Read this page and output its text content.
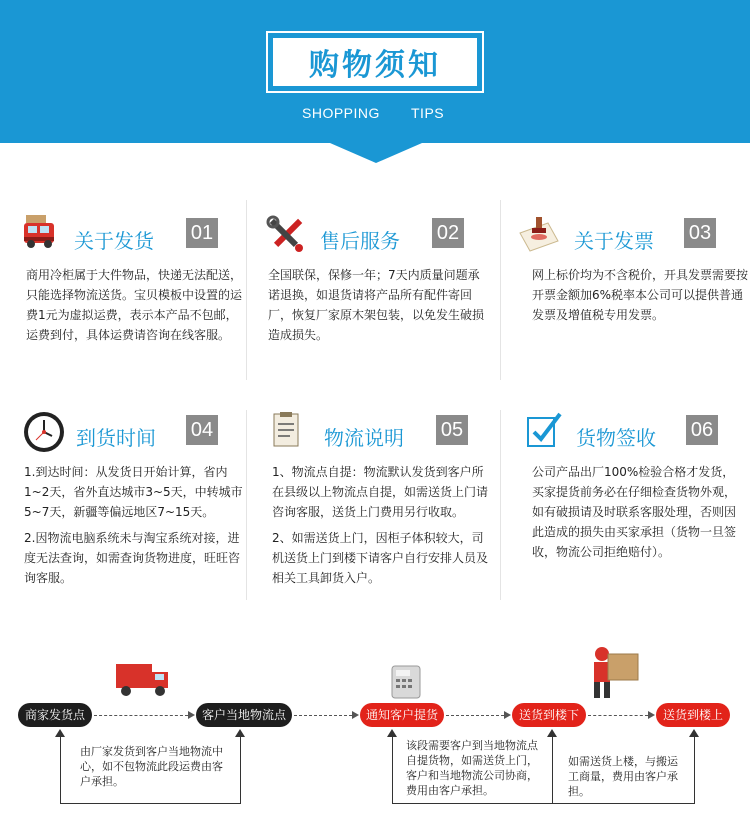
购物须知
SHOPPING TIPS
关于发货 01

商用冷柜属于大件物品，快递无法配送，只能选择物流送货。宝贝模板中设置的运费1元为虚拟运费，表示本产品不包邮，运费到付，具体运费请咨询在线客服。

售后服务 02

全国联保，保修一年；7天内质量问题承诺退换，如退货请将产品所有配件寄回厂，恢复厂家原木架包装，以免发生破损造成损失。

关于发票 03

网上标价均为不含税价，开具发票需要按开票金额加6%税率本公司可以提供普通发票及增值税专用发票。

到货时间 04

1.到达时间：从发货日开始计算，省内1~2天，省外直达城市3~5天，中转城市5~7天，新疆等偏远地区7~15天。

2.因物流电脑系统未与淘宝系统对接，进度无法查询，如需查询货物进度，旺旺咨询客服。

物流说明 05

1、物流点自提：物流默认发货到客户所在县级以上物流点自提，如需送货上门请咨询客服，送货上门费用另行收取。

2、如需送货上门，因柜子体积较大，司机送货上门到楼下请客户自行安排人员及相关工具卸货入户。

货物签收 06

公司产品出厂100%检验合格才发货，买家提货前务必在仔细检查货物外观，如有破损请及时联系客服处理，否则因此造成的损失由买家承担（货物一旦签收，物流公司拒绝赔付）。

商家发货点	客户当地物流点	通知客户提货	送货到楼下	送货到楼上
由厂家发货到客户当地物流中心，如不包物流此段运费由客户承担。
该段需要客户到当地物流点自提货物，如需送货上门，客户和当地物流公司协商，费用由客户承担。
如需送货上楼，与搬运工商量，费用由客户承担。
